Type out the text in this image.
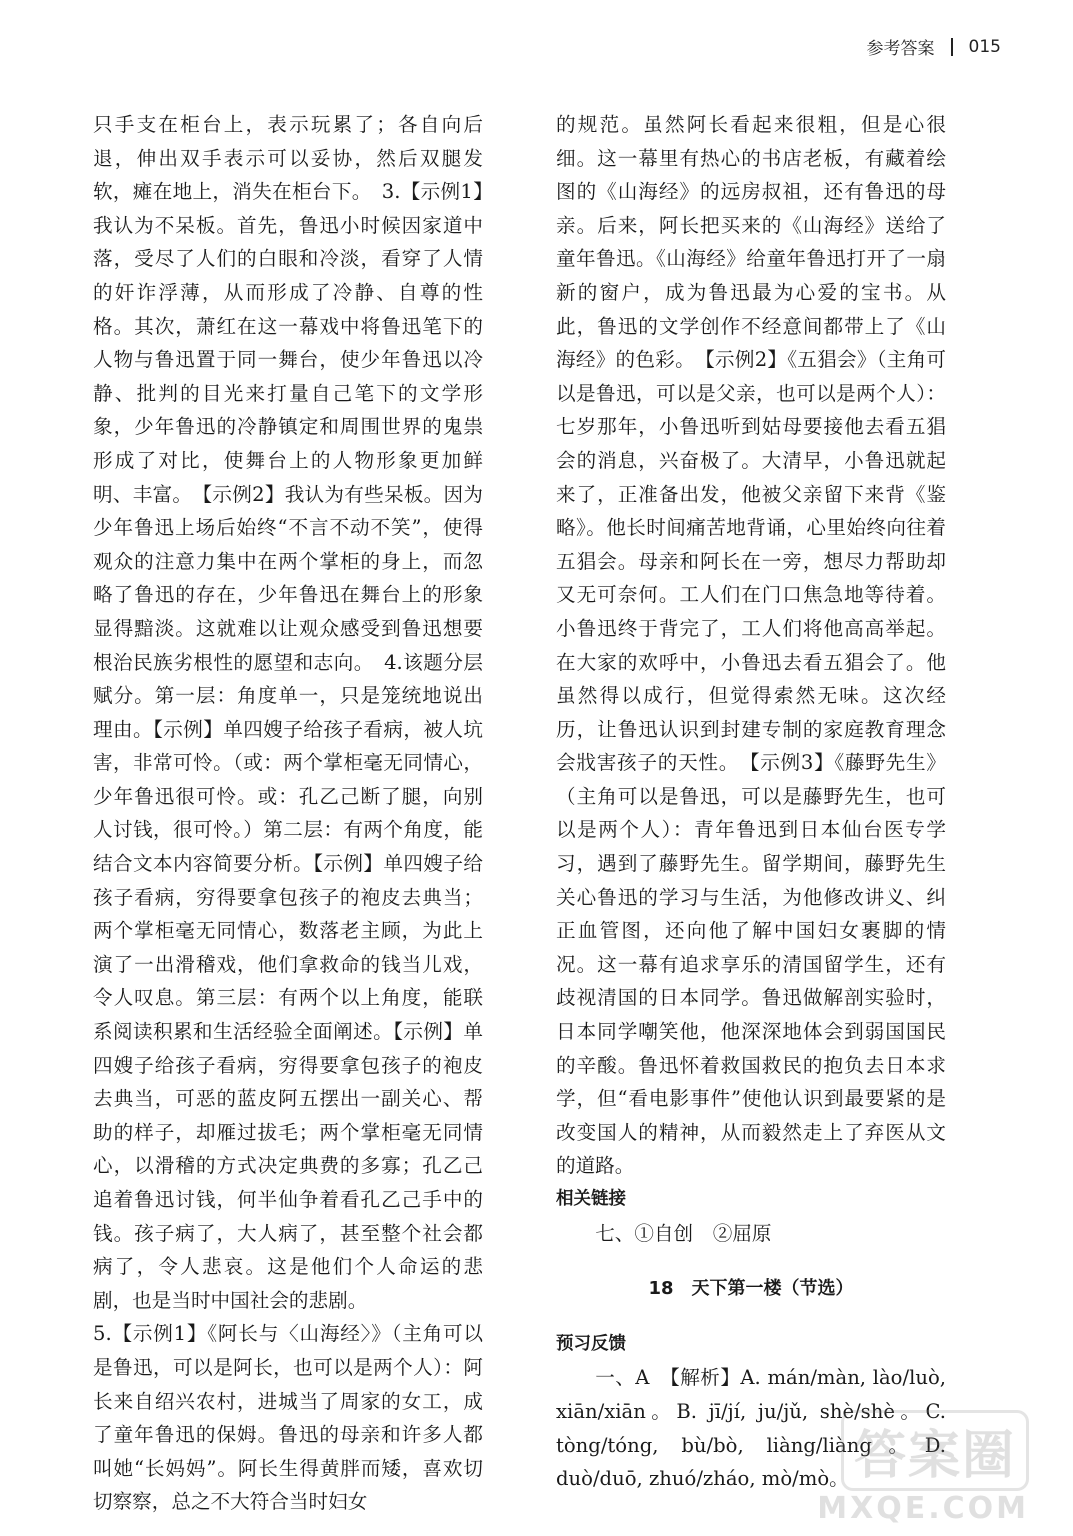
参考答案 015

只手支在柜台上，表示玩累了；各自向后退，伸出双手表示可以妥协，然后双腿发软，瘫在地上，消失在柜台下。　3.【示例1】我认为不呆板。首先，鲁迅小时候因家道中落，受尽了人们的白眼和冷淡，看穿了人情的奸诈浮薄，从而形成了冷静、自尊的性格。其次，萧红在这一幕戏中将鲁迅笔下的人物与鲁迅置于同一舞台，使少年鲁迅以冷静、批判的目光来打量自己笔下的文学形象，少年鲁迅的冷静镇定和周围世界的鬼祟形成了对比，使舞台上的人物形象更加鲜明、丰富。　【示例2】我认为有些呆板。因为少年鲁迅上场后始终“不言不动不笑”，使得观众的注意力集中在两个掌柜的身上，而忽略了鲁迅的存在，少年鲁迅在舞台上的形象显得黯淡。这就难以让观众感受到鲁迅想要根治民族劣根性的愿望和志向。　4.该题分层赋分。第一层：角度单一，只是笼统地说出理由。【示例】单四嫂子给孩子看病，被人坑害，非常可怜。（或：两个掌柜毫无同情心，少年鲁迅很可怜。或：孔乙己断了腿，向别人讨钱，很可怜。）第二层：有两个角度，能结合文本内容简要分析。【示例】单四嫂子给孩子看病，穷得要拿包孩子的袍皮去典当；两个掌柜毫无同情心，数落老主顾，为此上演了一出滑稽戏，他们拿救命的钱当儿戏，令人叹息。第三层：有两个以上角度，能联系阅读积累和生活经验全面阐述。【示例】单四嫂子给孩子看病，穷得要拿包孩子的袍皮去典当，可恶的蓝皮阿五摆出一副关心、帮助的样子，却雁过拔毛；两个掌柜毫无同情心，以滑稽的方式决定典费的多寡；孔乙己追着鲁迅讨钱，何半仙争着看孔乙己手中的钱。孩子病了，大人病了，甚至整个社会都病了，令人悲哀。这是他们个人命运的悲剧，也是当时中国社会的悲剧。

5.【示例1】《阿长与〈山海经〉》（主角可以是鲁迅，可以是阿长，也可以是两个人）：阿长来自绍兴农村，进城当了周家的女工，成了童年鲁迅的保姆。鲁迅的母亲和许多人都叫她“长妈妈”。阿长生得黄胖而矮，喜欢切切察察，总之不大符合当时妇女

的规范。虽然阿长看起来很粗，但是心很细。这一幕里有热心的书店老板，有藏着绘图的《山海经》的远房叔祖，还有鲁迅的母亲。后来，阿长把买来的《山海经》送给了童年鲁迅。《山海经》给童年鲁迅打开了一扇新的窗户，成为鲁迅最为心爱的宝书。从此，鲁迅的文学创作不经意间都带上了《山海经》的色彩。　【示例2】《五猖会》（主角可以是鲁迅，可以是父亲，也可以是两个人）：七岁那年，小鲁迅听到姑母要接他去看五猖会的消息，兴奋极了。大清早，小鲁迅就起来了，正准备出发，他被父亲留下来背《鉴略》。他长时间痛苦地背诵，心里始终向往着五猖会。母亲和阿长在一旁，想尽力帮助却又无可奈何。工人们在门口焦急地等待着。小鲁迅终于背完了，工人们将他高高举起。在大家的欢呼中，小鲁迅去看五猖会了。他虽然得以成行，但觉得索然无味。这次经历，让鲁迅认识到封建专制的家庭教育理念会戕害孩子的天性。　【示例3】《藤野先生》（主角可以是鲁迅，可以是藤野先生，也可以是两个人）：青年鲁迅到日本仙台医专学习，遇到了藤野先生。留学期间，藤野先生关心鲁迅的学习与生活，为他修改讲义、纠正血管图，还向他了解中国妇女裹脚的情况。这一幕有追求享乐的清国留学生，还有歧视清国的日本同学。鲁迅做解剖实验时，日本同学嘲笑他，他深深地体会到弱国国民的辛酸。鲁迅怀着救国救民的抱负去日本求学，但“看电影事件”使他认识到最要紧的是改变国人的精神，从而毅然走上了弃医从文的道路。

相关链接

七、①自创　②屈原

18　天下第一楼（节选）

预习反馈

一、A　【解析】A. mán/màn, lào/luò, xiān/xiān。B. jī/jí, ju/jǔ, shè/shè。C. tòng/tóng, bù/bò, liàng/liàng。D. duò/duō, zhuó/zháo, mò/mò。 答案圈
MXQE.COM
